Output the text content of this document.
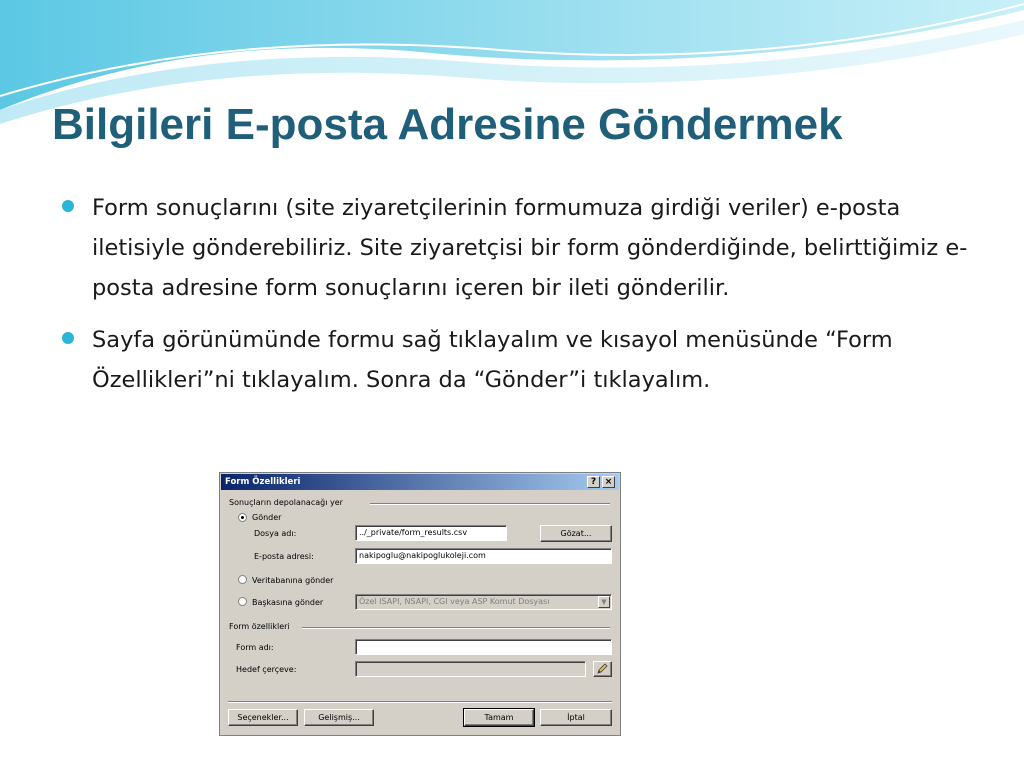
Bilgileri E-posta Adresine Göndermek
Form sonuçlarını (site ziyaretçilerinin formumuza girdiği veriler) e-posta iletisiyle gönderebiliriz. Site ziyaretçisi bir form gönderdiğinde, belirttiğimiz e-posta adresine form sonuçlarını içeren bir ileti gönderilir.
Sayfa görünümünde formu sağ tıklayalım ve kısayol menüsünde “Form Özellikleri”ni tıklayalım. Sonra da “Gönder”i tıklayalım.
Form Özellikleri	? ×
Sonuçların depolanacağı yer
Gönder
Dosya adı:	../_private/form_results.csv	Gözat...
E-posta adresi:	nakipoglu@nakipoglukoleji.com
Veritabanına gönder
Başkasına gönder	Özel ISAPI, NSAPI, CGI veya ASP Komut Dosyası	▼
Form özellikleri
Form adı:
Hedef çerçeve:
Seçenekler...	Gelişmiş...	Tamam	İptal
